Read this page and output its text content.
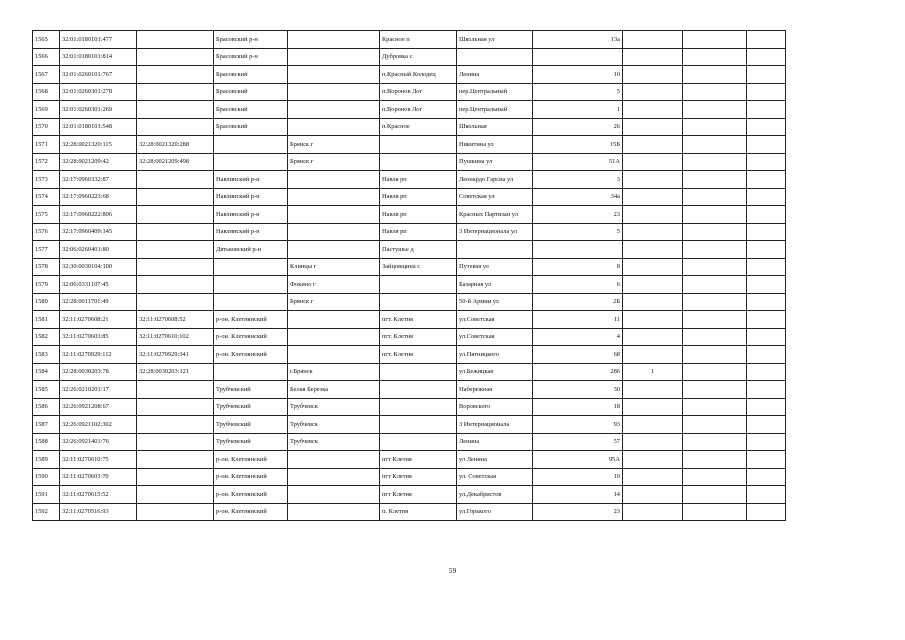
1565	32:01:0180101:477		Брасовский р-н		Красное п	Школьная ул	13а			
1566	32:01:0180101:814		Брасовский р-н		Дубровка с					
1567	32:01:0260101:767		Брасовский		п.Красный Колодец	Ленина	10			
1568	32:01:0260301:278		Брасовский		п.Воронов Лог	пер.Центральный	5			
1569	32:01:0260301:269		Брасовский		п.Воронов Лог	пер.Центральный	1			
1570	32:01:0180101:548		Брасовский		п.Красное	Школьная	26			
1571	32:28:0021320:115	32:28:0021320:288		Брянск г		Никитина ул	15Б			
1572	32:28:0021209:42	32:28:0021209:498		Брянск г		Пушкина ул	51А			
1573	32:17:0960332:87		Навлинский р-н		Навля рп	Леонардо Гарсиа ул	3			
1574	32:17:0960223:68		Навлинский р-н		Навля рп	Советская ул	34а			
1575	32:17:0960222:806		Навлинский р-н		Навля рп	Красных Партизан ул	23			
1576	32:17:0960409:145		Навлинский р-н		Навля рп	3 Интернационала ул	5			
1577	32:06:0260401:80		Дятьковский р-н		Пастушье д					
1578	32:30:0030104:100			Клинцы г	Зайцовщина с	Путевая ул	8			
1579	32:06:0331107:45			Фокино г		Базарная ул	6			
1580	32:28:0011701:49			Брянск г		50-й Армии ул	2Б			
1581	32:11:0270608:21	32:11:0270608:52	р-он. Клетнянский		пгт. Клетня	ул.Советская	11			
1582	32:11:0270603:85	32:11:0270610:102	р-он. Клетнянский		пгт. Клетня	ул.Советская	4			
1583	32:11:0270929:112	32:11:0270929:341	р-он. Клетнянский		пгт. Клетня	ул.Пятницкого	68			
1584	32:28:0030203:78	32:28:0030203:121		г.Брянск		ул.Бежицкая	286	1		
1585	32:26:0210201:17		Трубчевский	Белая Березка		Набережная	30			
1586	32:26:0921208:67		Трубчевский	Трубчевск		Воровского	18			
1587	32:26:0921102:302		Трубчевский	Трубчевск		3 Интернационала	93			
1588	32:26:0921401:76		Трубчевский	Трубчевск		Ленина	57			
1589	32:11:0270610:75		р-он. Клетнянский		пгт Клетня	ул Ленина	95А			
1590	32:11:0270603:70		р-он. Клетнянский		пгт Клетня	ул. Советская	19			
1591	32:11:0270615:52		р-он. Клетнянский		пгт Клетня	ул.Декабристов	14			
1592	32:11:0270516:93		р-он. Клетнянский		п. Клетня	ул.Горького	23			
59
